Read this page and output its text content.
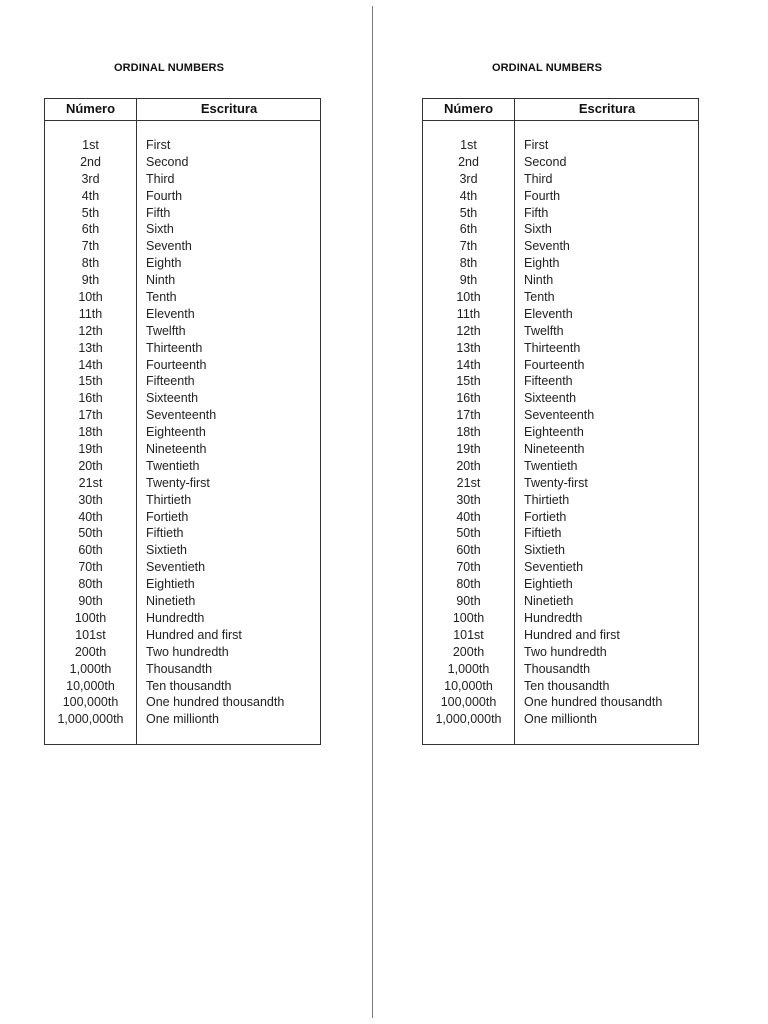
ORDINAL NUMBERS
Número	Escritura
1st	First
2nd	Second
3rd	Third
4th	Fourth
5th	Fifth
6th	Sixth
7th	Seventh
8th	Eighth
9th	Ninth
10th	Tenth
11th	Eleventh
12th	Twelfth
13th	Thirteenth
14th	Fourteenth
15th	Fifteenth
16th	Sixteenth
17th	Seventeenth
18th	Eighteenth
19th	Nineteenth
20th	Twentieth
21st	Twenty-first
30th	Thirtieth
40th	Fortieth
50th	Fiftieth
60th	Sixtieth
70th	Seventieth
80th	Eightieth
90th	Ninetieth
100th	Hundredth
101st	Hundred and first
200th	Two hundredth
1,000th	Thousandth
10,000th	Ten thousandth
100,000th	One hundred thousandth
1,000,000th	One millionth
ORDINAL NUMBERS
Número	Escritura
1st	First
2nd	Second
3rd	Third
4th	Fourth
5th	Fifth
6th	Sixth
7th	Seventh
8th	Eighth
9th	Ninth
10th	Tenth
11th	Eleventh
12th	Twelfth
13th	Thirteenth
14th	Fourteenth
15th	Fifteenth
16th	Sixteenth
17th	Seventeenth
18th	Eighteenth
19th	Nineteenth
20th	Twentieth
21st	Twenty-first
30th	Thirtieth
40th	Fortieth
50th	Fiftieth
60th	Sixtieth
70th	Seventieth
80th	Eightieth
90th	Ninetieth
100th	Hundredth
101st	Hundred and first
200th	Two hundredth
1,000th	Thousandth
10,000th	Ten thousandth
100,000th	One hundred thousandth
1,000,000th	One millionth
